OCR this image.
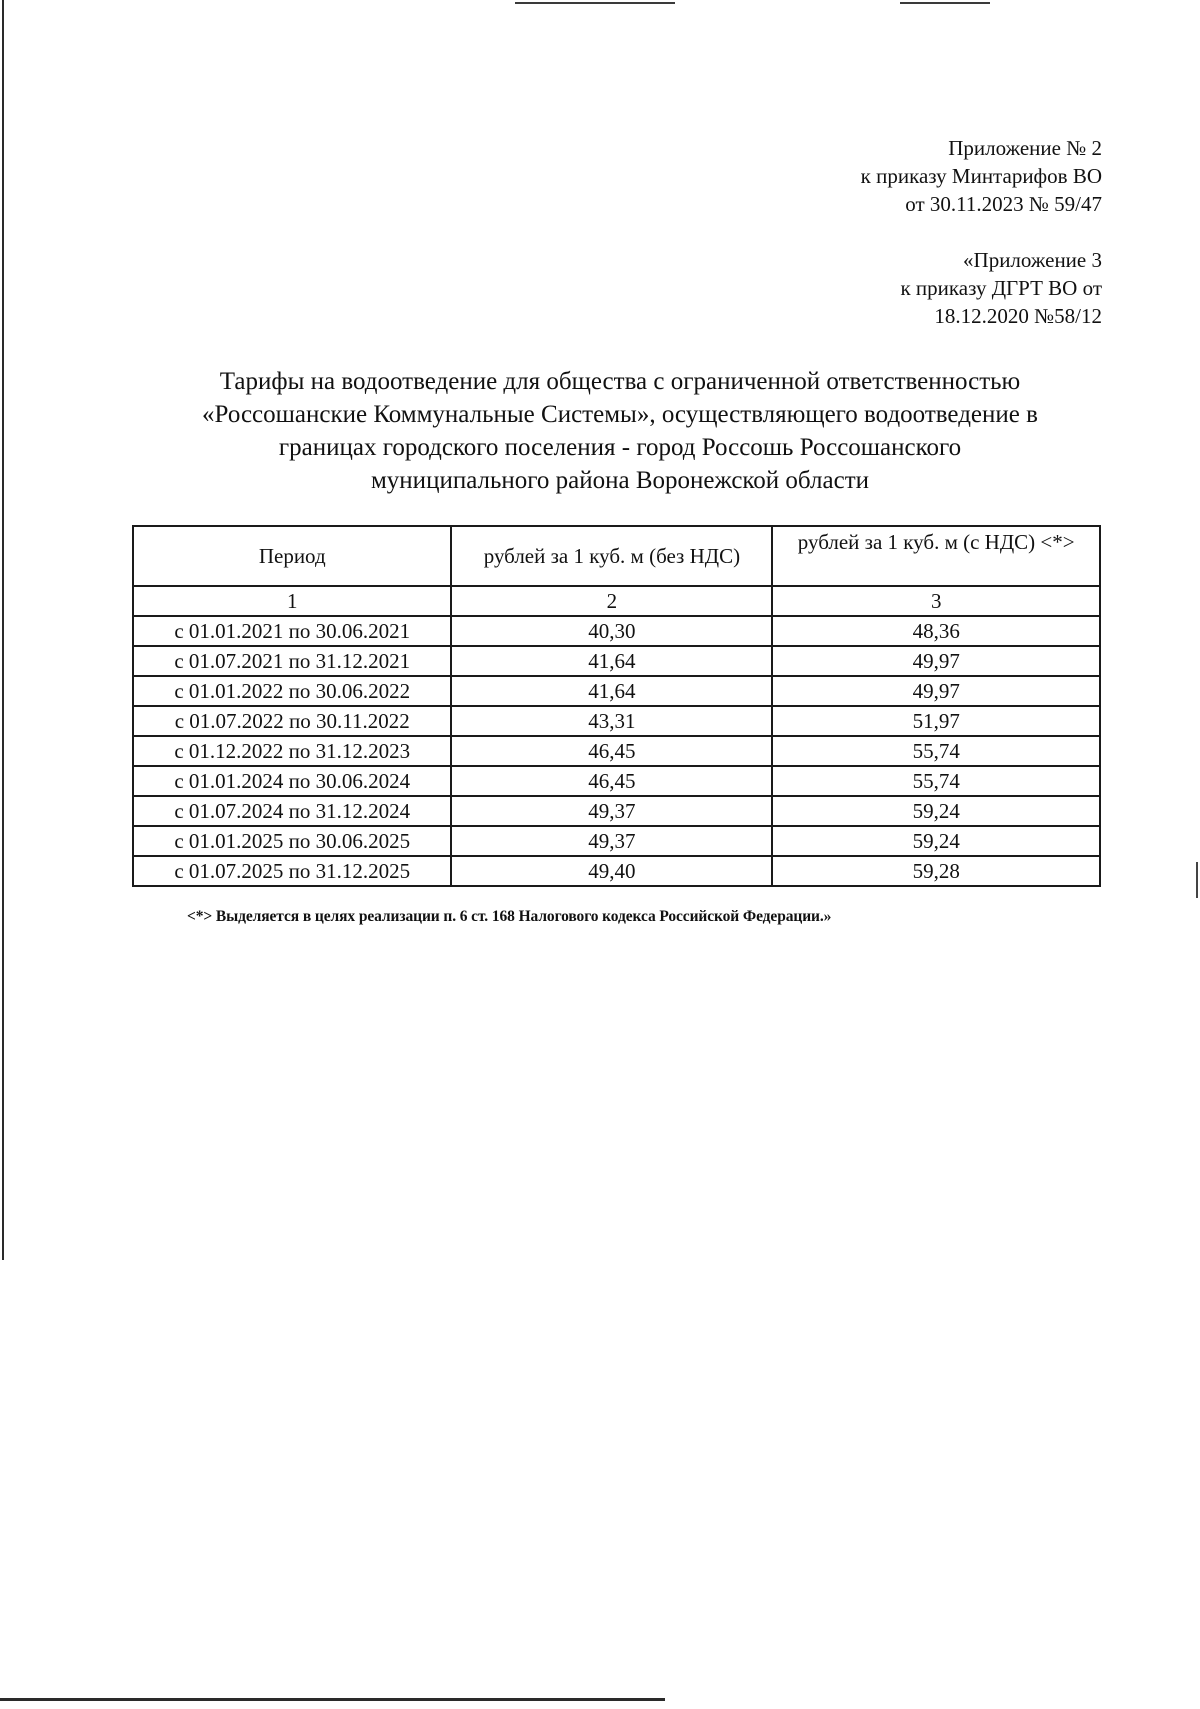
Приложение № 2
к приказу Минтарифов ВО
от 30.11.2023 № 59/47
«Приложение 3
к приказу ДГРТ ВО от
18.12.2020 №58/12
Тарифы на водоотведение для общества с ограниченной ответственностью
«Россошанские Коммунальные Системы», осуществляющего водоотведение в
границах городского поселения - город Россошь Россошанского
муниципального района Воронежской области
Период	рублей за 1 куб. м (без НДС)	рублей за 1 куб. м (с НДС) <*>
1	2	3
с 01.01.2021 по 30.06.2021	40,30	48,36
с 01.07.2021 по 31.12.2021	41,64	49,97
с 01.01.2022 по 30.06.2022	41,64	49,97
с 01.07.2022 по 30.11.2022	43,31	51,97
с 01.12.2022 по 31.12.2023	46,45	55,74
с 01.01.2024 по 30.06.2024	46,45	55,74
с 01.07.2024 по 31.12.2024	49,37	59,24
с 01.01.2025 по 30.06.2025	49,37	59,24
с 01.07.2025 по 31.12.2025	49,40	59,28
<*> Выделяется в целях реализации п. 6 ст. 168 Налогового кодекса Российской Федерации.»
